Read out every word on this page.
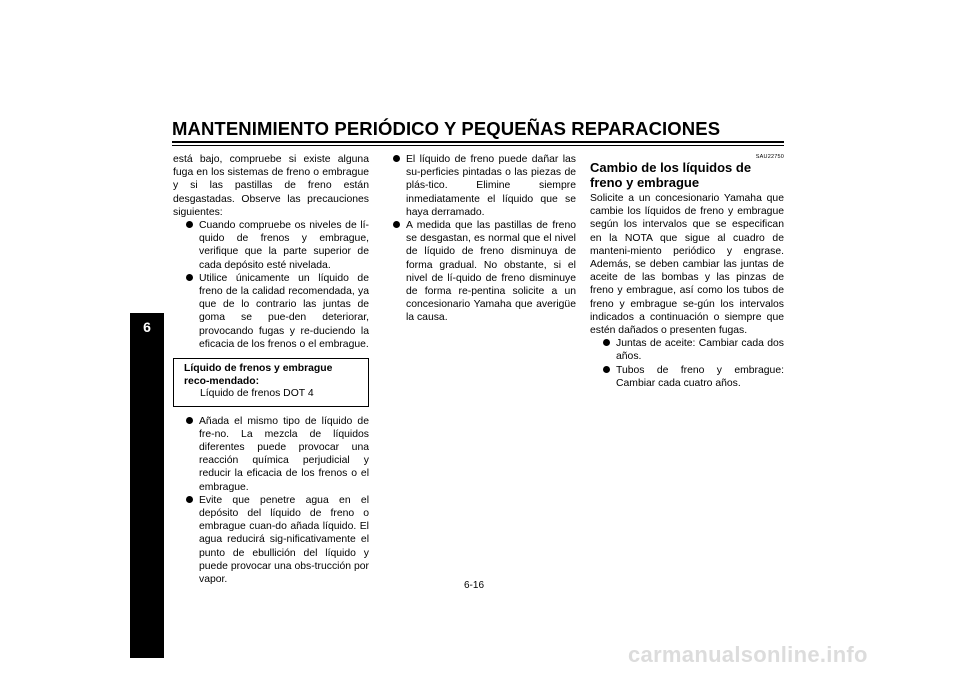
MANTENIMIENTO PERIÓDICO Y PEQUEÑAS REPARACIONES
6

está bajo, compruebe si existe alguna fuga en los sistemas de freno o embrague y si las pastillas de freno están desgastadas. Observe las precauciones siguientes:

Cuando compruebe os niveles de lí-quido de frenos y embrague, verifique que la parte superior de cada depósito esté nivelada.
Utilice únicamente un líquido de freno de la calidad recomendada, ya que de lo contrario las juntas de goma se pue-den deteriorar, provocando fugas y re-duciendo la eficacia de los frenos o el embrague.
Líquido de frenos y embrague reco-mendado:
Líquido de frenos DOT 4
Añada el mismo tipo de líquido de fre-no. La mezcla de líquidos diferentes puede provocar una reacción química perjudicial y reducir la eficacia de los frenos o el embrague.
Evite que penetre agua en el depósito del líquido de freno o embrague cuan-do añada líquido. El agua reducirá sig-nificativamente el punto de ebullición del líquido y puede provocar una obs-trucción por vapor.
El líquido de freno puede dañar las su-perficies pintadas o las piezas de plás-tico. Elimine siempre inmediatamente el líquido que se haya derramado.
A medida que las pastillas de freno se desgastan, es normal que el nivel de líquido de freno disminuya de forma gradual. No obstante, si el nivel de lí-quido de freno disminuye de forma re-pentina solicite a un concesionario Yamaha que averigüe la causa.
SAU22750
Cambio de los líquidos de freno y embrague

Solicite a un concesionario Yamaha que cambie los líquidos de freno y embrague según los intervalos que se especifican en la NOTA que sigue al cuadro de manteni-miento periódico y engrase. Además, se deben cambiar las juntas de aceite de las bombas y las pinzas de freno y embrague, así como los tubos de freno y embrague se-gún los intervalos indicados a continuación o siempre que estén dañados o presenten fugas.

Juntas de aceite: Cambiar cada dos años.
Tubos de freno y embrague: Cambiar cada cuatro años.
6-16
carmanualsonline.info
